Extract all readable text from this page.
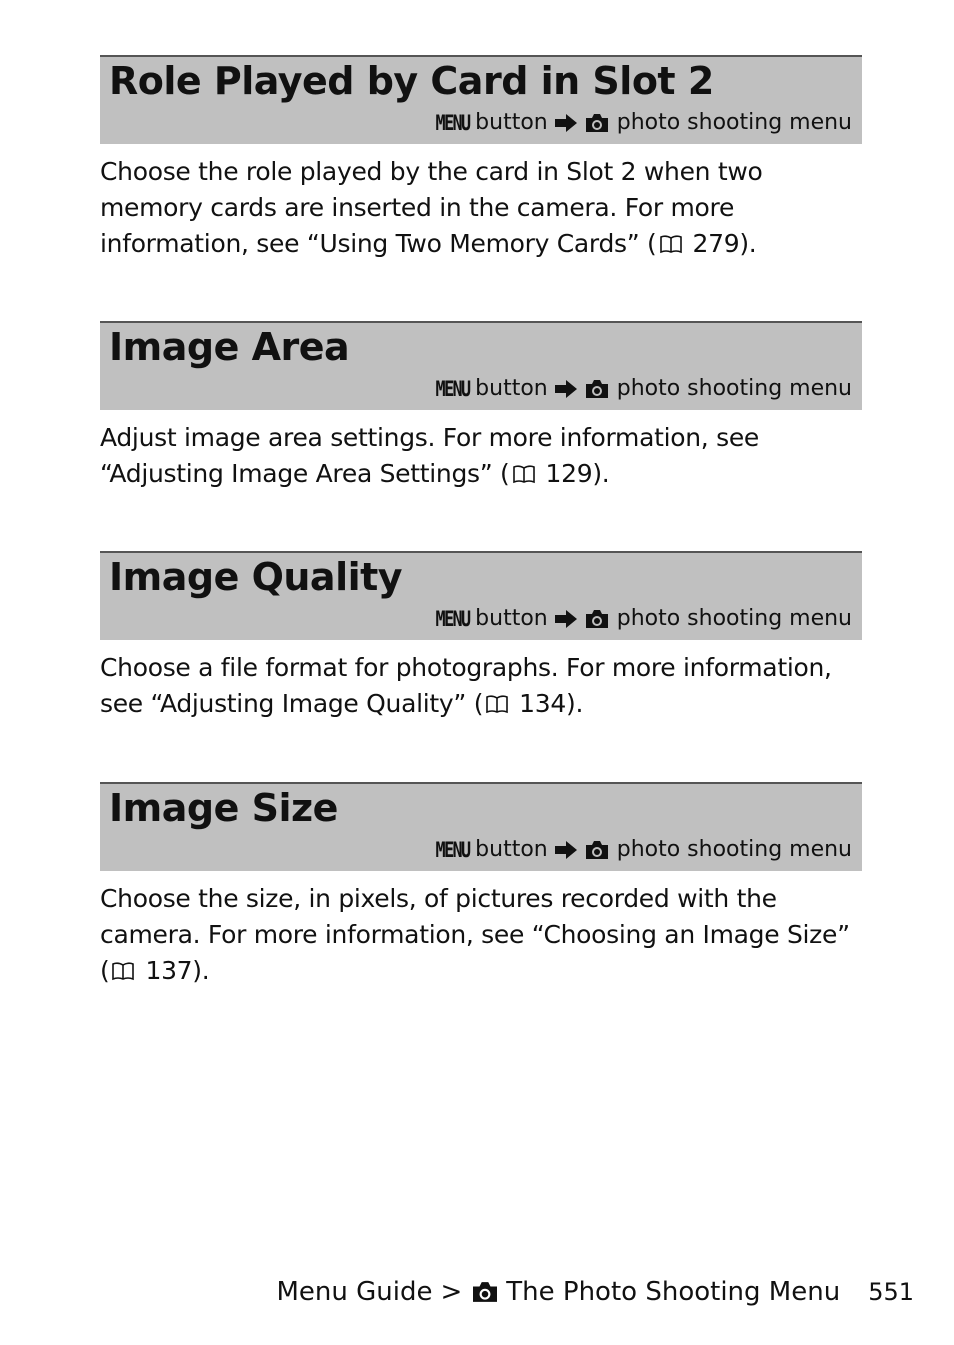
Role Played by Card in Slot 2
MENU button	photo shooting menu
Choose the role played by the card in Slot 2 when two memory cards are inserted in the camera. For more information, see “Using Two Memory Cards” ( 279).
Image Area
MENU button	photo shooting menu
Adjust image area settings. For more information, see “Adjusting Image Area Settings” ( 129).
Image Quality
MENU button	photo shooting menu
Choose a file format for photographs. For more information, see “Adjusting Image Quality” ( 134).
Image Size
MENU button	photo shooting menu
Choose the size, in pixels, of pictures recorded with the camera. For more information, see “Choosing an Image Size” ( 137).
Menu Guide > The Photo Shooting Menu 551
